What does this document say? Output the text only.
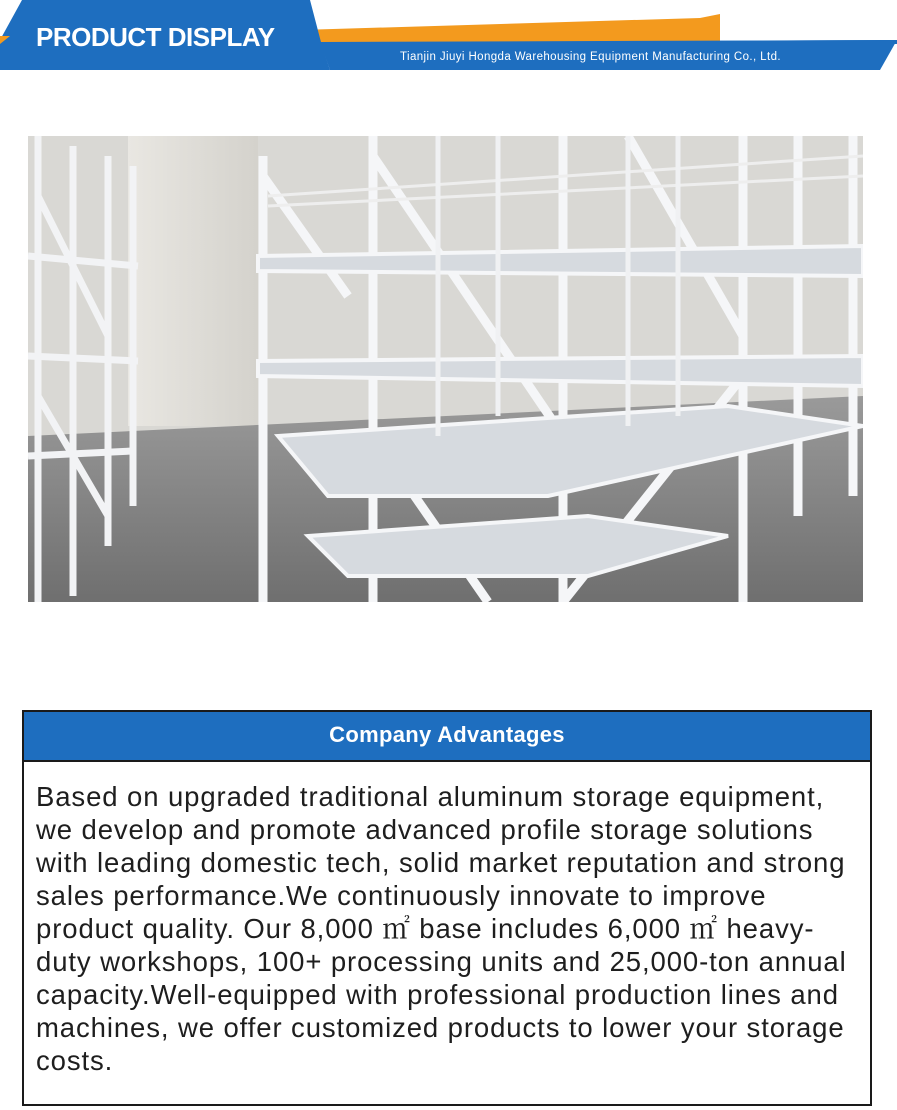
PRODUCT DISPLAY
Tianjin Jiuyi Hongda Warehousing Equipment Manufacturing Co., Ltd.
Company Advantages

Based on upgraded traditional aluminum storage equipment, we develop and promote advanced profile storage solutions with leading domestic tech, solid market reputation and strong sales performance.We continuously innovate to improve product quality. Our 8,000 ㎡ base includes 6,000 ㎡ heavy-duty workshops, 100+ processing units and 25,000-ton annual capacity.Well-equipped with professional production lines and machines, we offer customized products to lower your storage costs.
